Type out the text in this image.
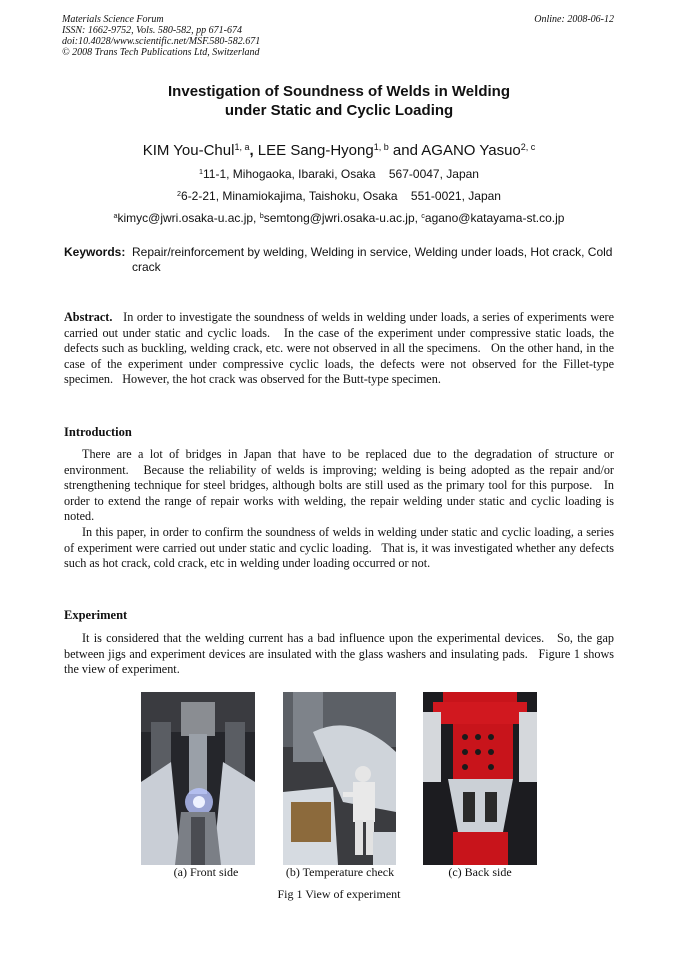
Materials Science Forum
ISSN: 1662-9752, Vols. 580-582, pp 671-674
doi:10.4028/www.scientific.net/MSF.580-582.671
© 2008 Trans Tech Publications Ltd, Switzerland
Online: 2008-06-12
Investigation of Soundness of Welds in Welding
under Static and Cyclic Loading
KIM You-Chul$^{1, a}$, LEE Sang-Hyong$^{1, b}$ and AGANO Yasuo$^{2, c}$
$^1$11-1, Mihogaoka, Ibaraki, Osaka    567-0047, Japan
$^2$6-2-21, Minamiokajima, Taishoku, Osaka    551-0021, Japan
$^a$kimyc@jwri.osaka-u.ac.jp, $^b$semtong@jwri.osaka-u.ac.jp, $^c$agano@katayama-st.co.jp
Keywords: Repair/reinforcement by welding, Welding in service, Welding under loads, Hot crack, Cold crack
Abstract. In order to investigate the soundness of welds in welding under loads, a series of experiments were carried out under static and cyclic loads.   In the case of the experiment under compressive static loads, the defects such as buckling, welding crack, etc. were not observed in all the specimens.   On the other hand, in the case of the experiment under compressive cyclic loads, the defects were not observed for the Fillet-type specimen.   However, the hot crack was observed for the Butt-type specimen.
Introduction
There are a lot of bridges in Japan that have to be replaced due to the degradation of structure or environment.   Because the reliability of welds is improving; welding is being adopted as the repair and/or strengthening technique for steel bridges, although bolts are still used as the primary tool for this purpose.   In order to extend the range of repair works with welding, the repair welding under static and cyclic loading is noted.
In this paper, in order to confirm the soundness of welds in welding under static and cyclic loading, a series of experiment were carried out under static and cyclic loading.   That is, it was investigated whether any defects such as hot crack, cold crack, etc in welding under loading occurred or not.
Experiment
It is considered that the welding current has a bad influence upon the experimental devices.   So, the gap between jigs and experiment devices are insulated with the glass washers and insulating pads.   Figure 1 shows the view of experiment.
(a) Front side	(b) Temperature check	(c) Back side
Fig 1 View of experiment
